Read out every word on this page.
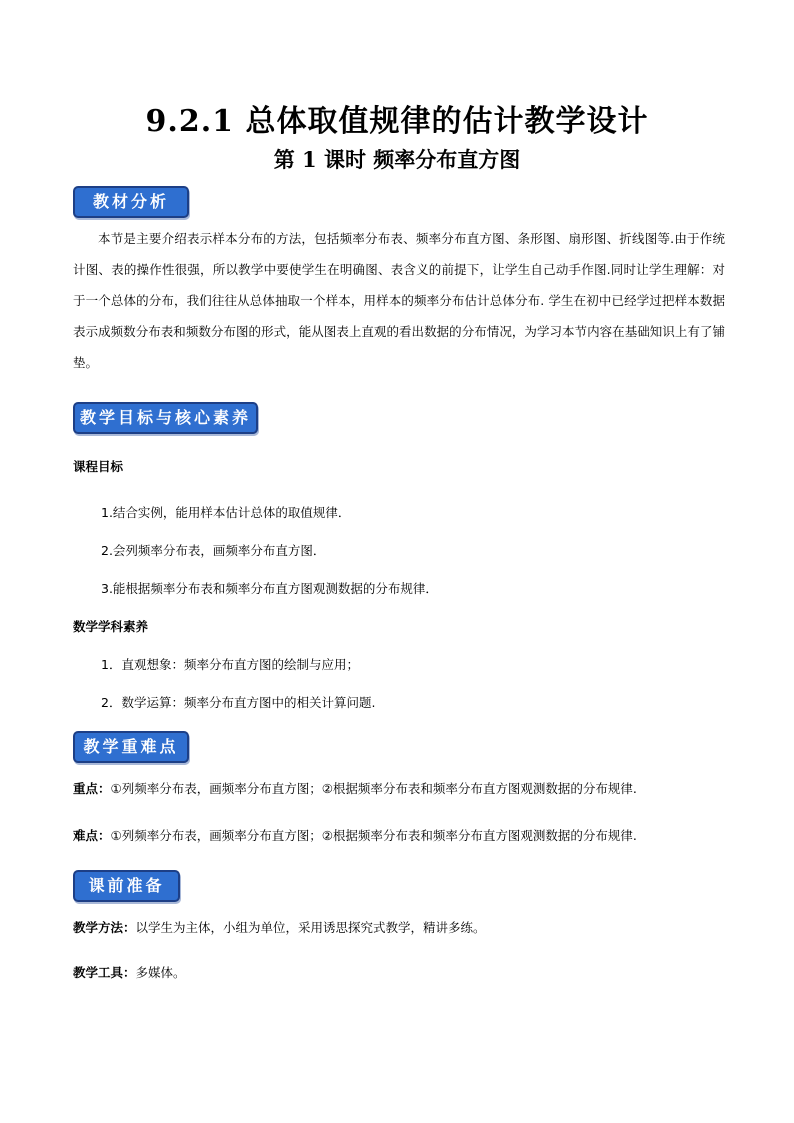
9.2.1 总体取值规律的估计教学设计
第 1 课时 频率分布直方图
教材分析
本节是主要介绍表示样本分布的方法，包括频率分布表、频率分布直方图、条形图、扇形图、折线图等.由于作统计图、表的操作性很强，所以教学中要使学生在明确图、表含义的前提下，让学生自己动手作图.同时让学生理解：对于一个总体的分布，我们往往从总体抽取一个样本，用样本的频率分布估计总体分布. 学生在初中已经学过把样本数据表示成频数分布表和频数分布图的形式，能从图表上直观的看出数据的分布情况，为学习本节内容在基础知识上有了铺垫。
教学目标与核心素养
课程目标
1.结合实例，能用样本估计总体的取值规律．
2.会列频率分布表，画频率分布直方图．
3.能根据频率分布表和频率分布直方图观测数据的分布规律．
数学学科素养
1．直观想象：频率分布直方图的绘制与应用；
2．数学运算：频率分布直方图中的相关计算问题.
教学重难点
重点：①列频率分布表，画频率分布直方图；②根据频率分布表和频率分布直方图观测数据的分布规律.
难点：①列频率分布表，画频率分布直方图；②根据频率分布表和频率分布直方图观测数据的分布规律.
课前准备
教学方法：以学生为主体，小组为单位，采用诱思探究式教学，精讲多练。
教学工具：多媒体。
